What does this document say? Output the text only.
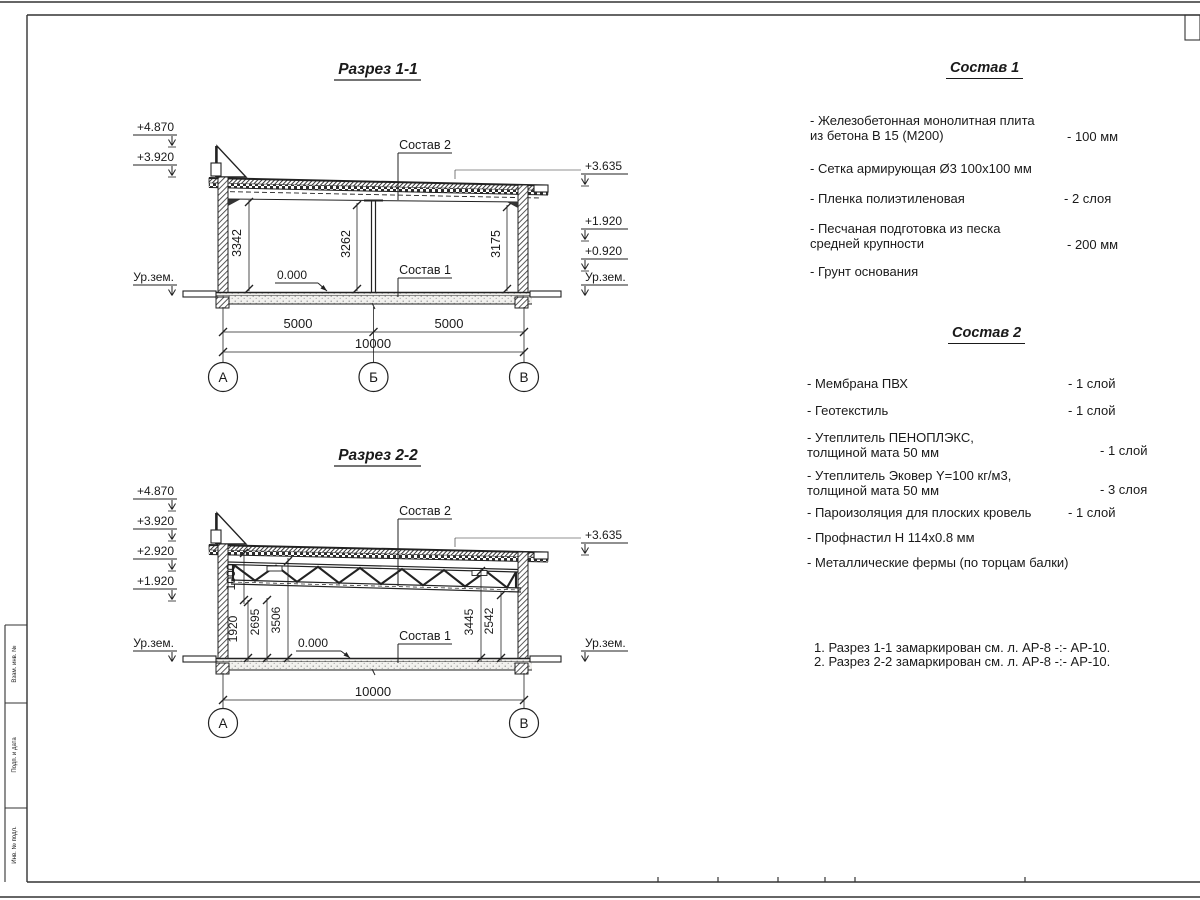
Взам. инв. №
Подп. и дата
Инв. № подл.
Разрез 1-1
3342	3262	3175
0.000
Состав 2
Состав 1
+4.870
+3.920
Ур.зем.
+3.635
+1.920
+0.920
Ур.зем.
5000	5000
10000
А	Б	В
Разрез 2-2
1000
1920 2695 3506	3445 2542
0.000
Состав 2
Состав 1
+4.870
+3.920
+2.920
+1.920
Ур.зем.
+3.635
Ур.зем.
10000
А	В
Состав 1
- Железобетонная монолитная плита
из бетона В 15 (М200)	- 100 мм
- Сетка армирующая Ø3 100х100 мм
- Пленка полиэтиленовая	- 2 слоя
- Песчаная подготовка из песка
средней крупности	- 200 мм
- Грунт основания
Состав 2
- Мембрана ПВХ	- 1 слой
- Геотекстиль	- 1 слой
- Утеплитель ПЕНОПЛЭКС,
толщиной мата 50 мм	- 1 слой
- Утеплитель Эковер Y=100 кг/м3,
толщиной мата 50 мм	- 3 слоя
- Пароизоляция для плоских кровель	- 1 слой
- Профнастил Н 114х0.8 мм
- Металлические фермы (по торцам балки)
1. Разрез 1-1 замаркирован см. л. АР-8 -:- АР-10.
2. Разрез 2-2 замаркирован см. л. АР-8 -:- АР-10.
